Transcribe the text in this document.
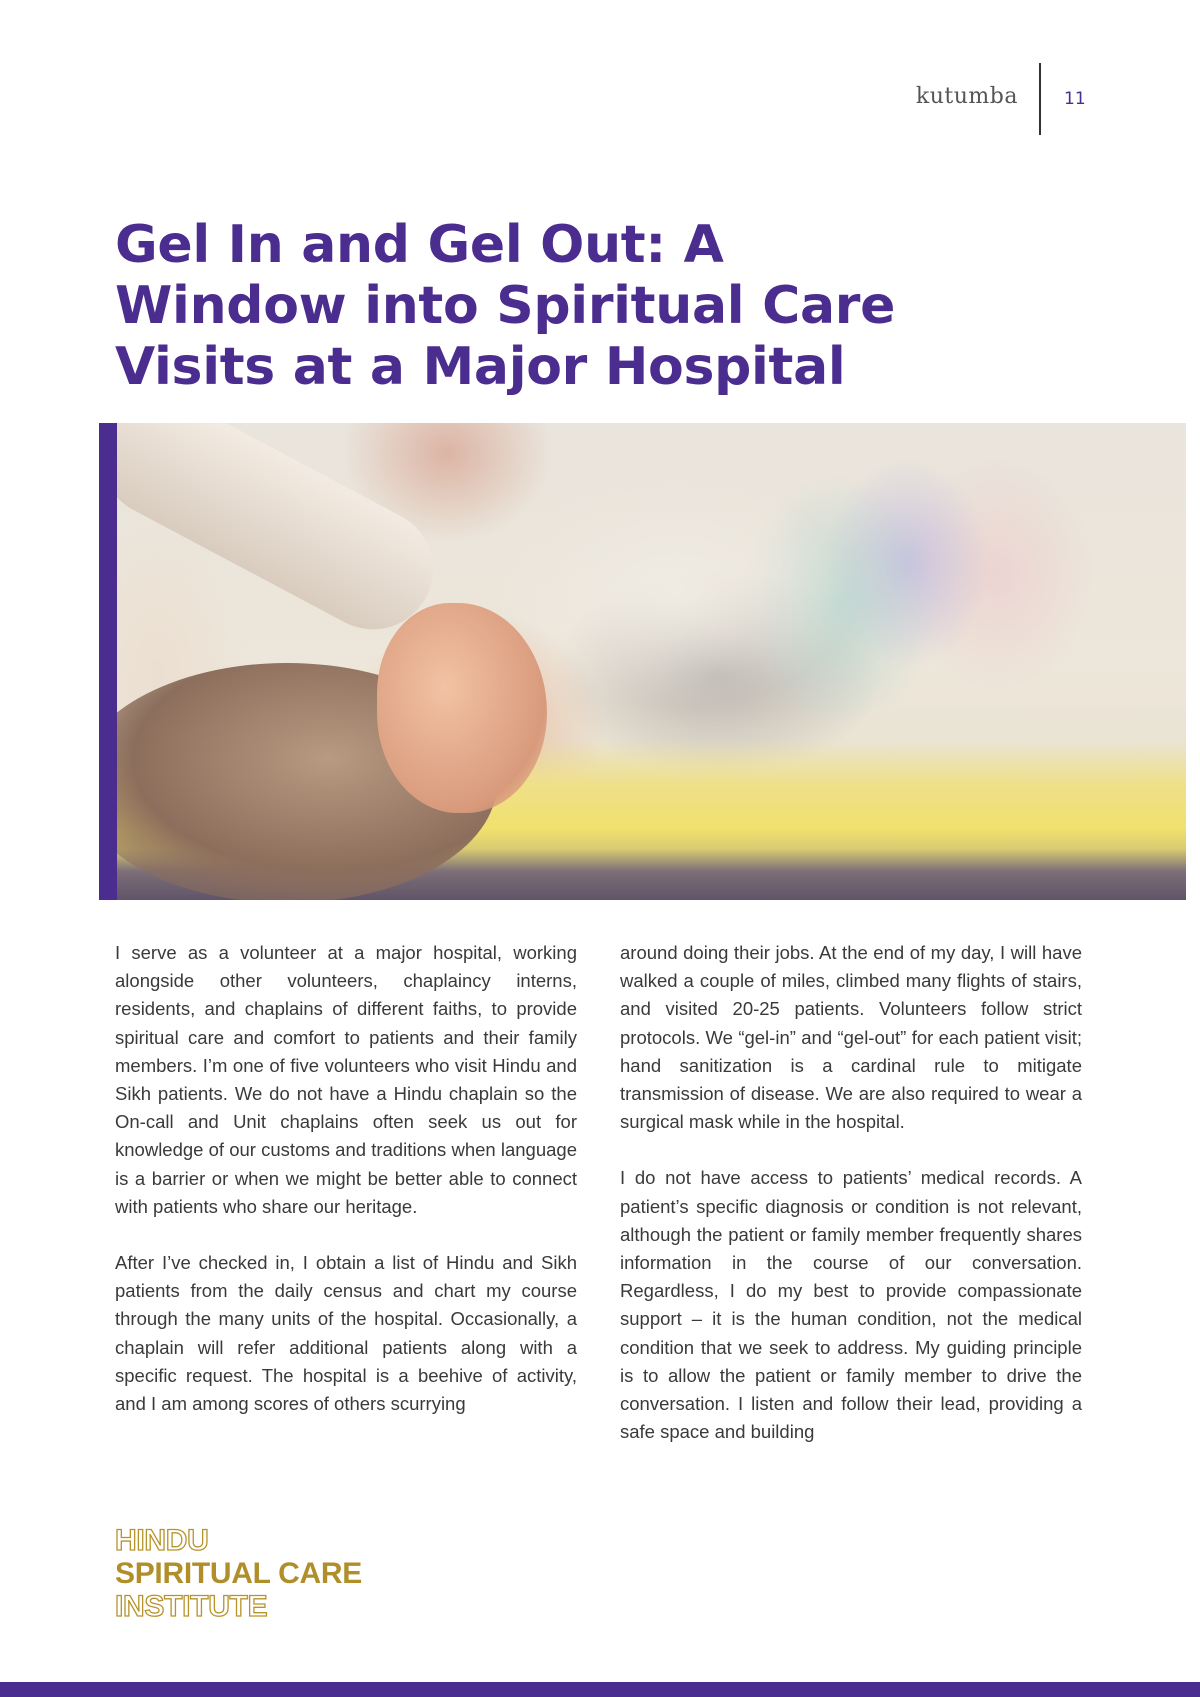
kutumba	11
Gel In and Gel Out: A Window into Spiritual Care Visits at a Major Hospital

I serve as a volunteer at a major hospital, working alongside other volunteers, chaplaincy interns, residents, and chaplains of different faiths, to provide spiritual care and comfort to patients and their family members. I’m one of five volunteers who visit Hindu and Sikh patients. We do not have a Hindu chaplain so the On-call and Unit chaplains often seek us out for knowledge of our customs and traditions when language is a barrier or when we might be better able to connect with patients who share our heritage.

After I’ve checked in, I obtain a list of Hindu and Sikh patients from the daily census and chart my course through the many units of the hospital. Occasionally, a chaplain will refer additional patients along with a specific request. The hospital is a beehive of activity, and I am among scores of others scurrying

around doing their jobs. At the end of my day, I will have walked a couple of miles, climbed many flights of stairs, and visited 20-25 patients. Volunteers follow strict protocols. We “gel-in” and “gel-out” for each patient visit; hand sanitization is a cardinal rule to mitigate transmission of disease. We are also required to wear a surgical mask while in the hospital.

I do not have access to patients’ medical records. A patient’s specific diagnosis or condition is not relevant, although the patient or family member frequently shares information in the course of our conversation. Regardless, I do my best to provide compassionate support – it is the human condition, not the medical condition that we seek to address. My guiding principle is to allow the patient or family member to drive the conversation. I listen and follow their lead, providing a safe space and building

HINDU
SPIRITUAL CARE
INSTITUTE
